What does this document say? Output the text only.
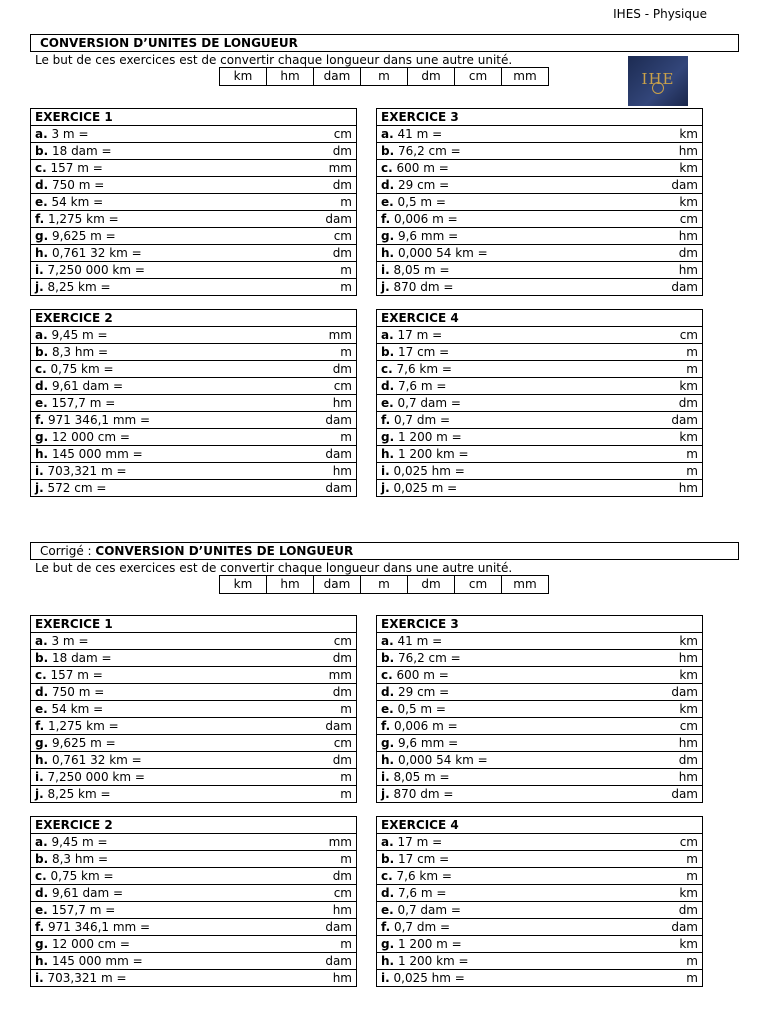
IHES - Physique
CONVERSION D’UNITES DE LONGUEUR
Le but de ces exercices est de convertir chaque longueur dans une autre unité.
km	hm	dam	m	dm	cm	mm	IHE
EXERCICE 1
a. 3 m =	cm
b. 18 dam =	dm
c. 157 m =	mm
d. 750 m =	dm
e. 54 km =	m
f. 1,275 km =	dam
g. 9,625 m =	cm
h. 0,761 32 km =	dm
i. 7,250 000 km =	m
j. 8,25 km =	m
EXERCICE 3
a. 41 m =	km
b. 76,2 cm =	hm
c. 600 m =	km
d. 29 cm =	dam
e. 0,5 m =	km
f. 0,006 m =	cm
g. 9,6 mm =	hm
h. 0,000 54 km =	dm
i. 8,05 m =	hm
j. 870 dm =	dam
EXERCICE 2
a. 9,45 m =	mm
b. 8,3 hm =	m
c. 0,75 km =	dm
d. 9,61 dam =	cm
e. 157,7 m =	hm
f. 971 346,1 mm =	dam
g. 12 000 cm =	m
h. 145 000 mm =	dam
i. 703,321 m =	hm
j. 572 cm =	dam
EXERCICE 4
a. 17 m =	cm
b. 17 cm =	m
c. 7,6 km =	m
d. 7,6 m =	km
e. 0,7 dam =	dm
f. 0,7 dm =	dam
g. 1 200 m =	km
h. 1 200 km =	m
i. 0,025 hm =	m
j. 0,025 m =	hm
Corrigé : CONVERSION D’UNITES DE LONGUEUR
Le but de ces exercices est de convertir chaque longueur dans une autre unité.
km	hm	dam	m	dm	cm	mm
EXERCICE 1
a. 3 m =	cm
b. 18 dam =	dm
c. 157 m =	mm
d. 750 m =	dm
e. 54 km =	m
f. 1,275 km =	dam
g. 9,625 m =	cm
h. 0,761 32 km =	dm
i. 7,250 000 km =	m
j. 8,25 km =	m
EXERCICE 3
a. 41 m =	km
b. 76,2 cm =	hm
c. 600 m =	km
d. 29 cm =	dam
e. 0,5 m =	km
f. 0,006 m =	cm
g. 9,6 mm =	hm
h. 0,000 54 km =	dm
i. 8,05 m =	hm
j. 870 dm =	dam
EXERCICE 2
a. 9,45 m =	mm
b. 8,3 hm =	m
c. 0,75 km =	dm
d. 9,61 dam =	cm
e. 157,7 m =	hm
f. 971 346,1 mm =	dam
g. 12 000 cm =	m
h. 145 000 mm =	dam
i. 703,321 m =	hm
EXERCICE 4
a. 17 m =	cm
b. 17 cm =	m
c. 7,6 km =	m
d. 7,6 m =	km
e. 0,7 dam =	dm
f. 0,7 dm =	dam
g. 1 200 m =	km
h. 1 200 km =	m
i. 0,025 hm =	m
